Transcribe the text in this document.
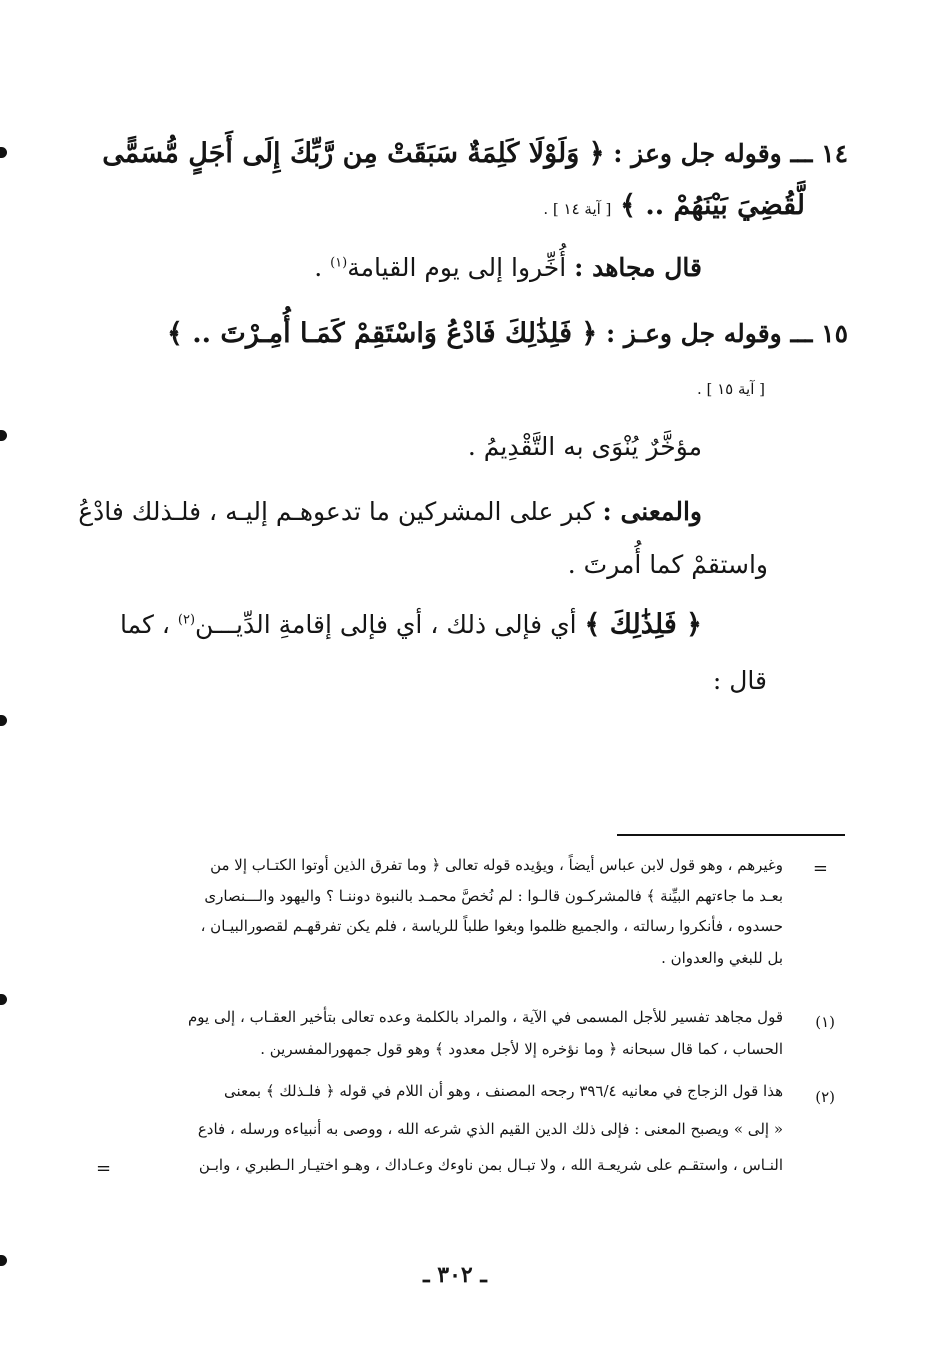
١٤ ـــ وقوله جل وعز : ﴿ وَلَوْلَا كَلِمَةٌ سَبَقَتْ مِن رَّبِّكَ إِلَى أَجَلٍ مُّسَمًّى
لَّقُضِيَ بَيْنَهُمْ .. ﴾ [ آية ١٤ ] .
قال مجاهد : أُخِّروا إلى يوم القيامة$^{(١)}$ .
١٥ ـــ وقوله جل وعـز : ﴿ فَلِذَٰلِكَ فَادْعُ وَاسْتَقِمْ كَمَـا أُمِـرْتَ .. ﴾
[ آية ١٥ ] .
مؤخَّرٌ يُنْوَى به التَّقْدِيمُ .
والمعنى : كبر على المشركين ما تدعوهـم إليـه ، فلـذلك فادْعُ
واستقمْ كما أُمرتَ .
﴿ فَلِذَٰلِكَ ﴾ أي فإلى ذلك ، أي فإلى إقامةِ الدِّيـــن$^{(٢)}$ ، كما
قال :
=
وغيرهم ، وهو قول لابن عباس أيضاً ، ويؤيده قوله تعالى ﴿ وما تفرق الذين أوتوا الكتـاب إلا من
بعـد ما جاءتهم البيِّنة ﴾ فالمشركـون قالـوا : لم نُخصَّ محمـد بالنبوة دوننـا ؟ واليهود والـــنصارى
حسدوه ، فأنكروا رسالته ، والجميع ظلموا وبغوا طلباً للرياسة ، فلم يكن تفرقهـم لقصورالبيـان ،
بل للبغي والعدوان .
(١)
قول مجاهد تفسير للأجل المسمى في الآية ، والمراد بالكلمة وعده تعالى بتأخير العقـاب ، إلى يوم
الحساب ، كما قال سبحانه ﴿ وما نؤخره إلا لأجل معدود ﴾ وهو قول جمهورالمفسرين .
(٢)
هذا قول الزجاج في معانيه ٣٩٦/٤ رجحه المصنف ، وهو أن اللام في قوله ﴿ فلـذلك ﴾ بمعنى
« إلى » ويصبح المعنى : فإلى ذلك الدين القيم الذي شرعه الله ، ووصى به أنبياءه ورسله ، فادع
النـاس ، واستقـم على شريعـة الله ، ولا تبـال بمن ناوءك وعـاداك ، وهـو اختيـار الـطبري ، وابـن
=
ـ ٣٠٢ ـ
